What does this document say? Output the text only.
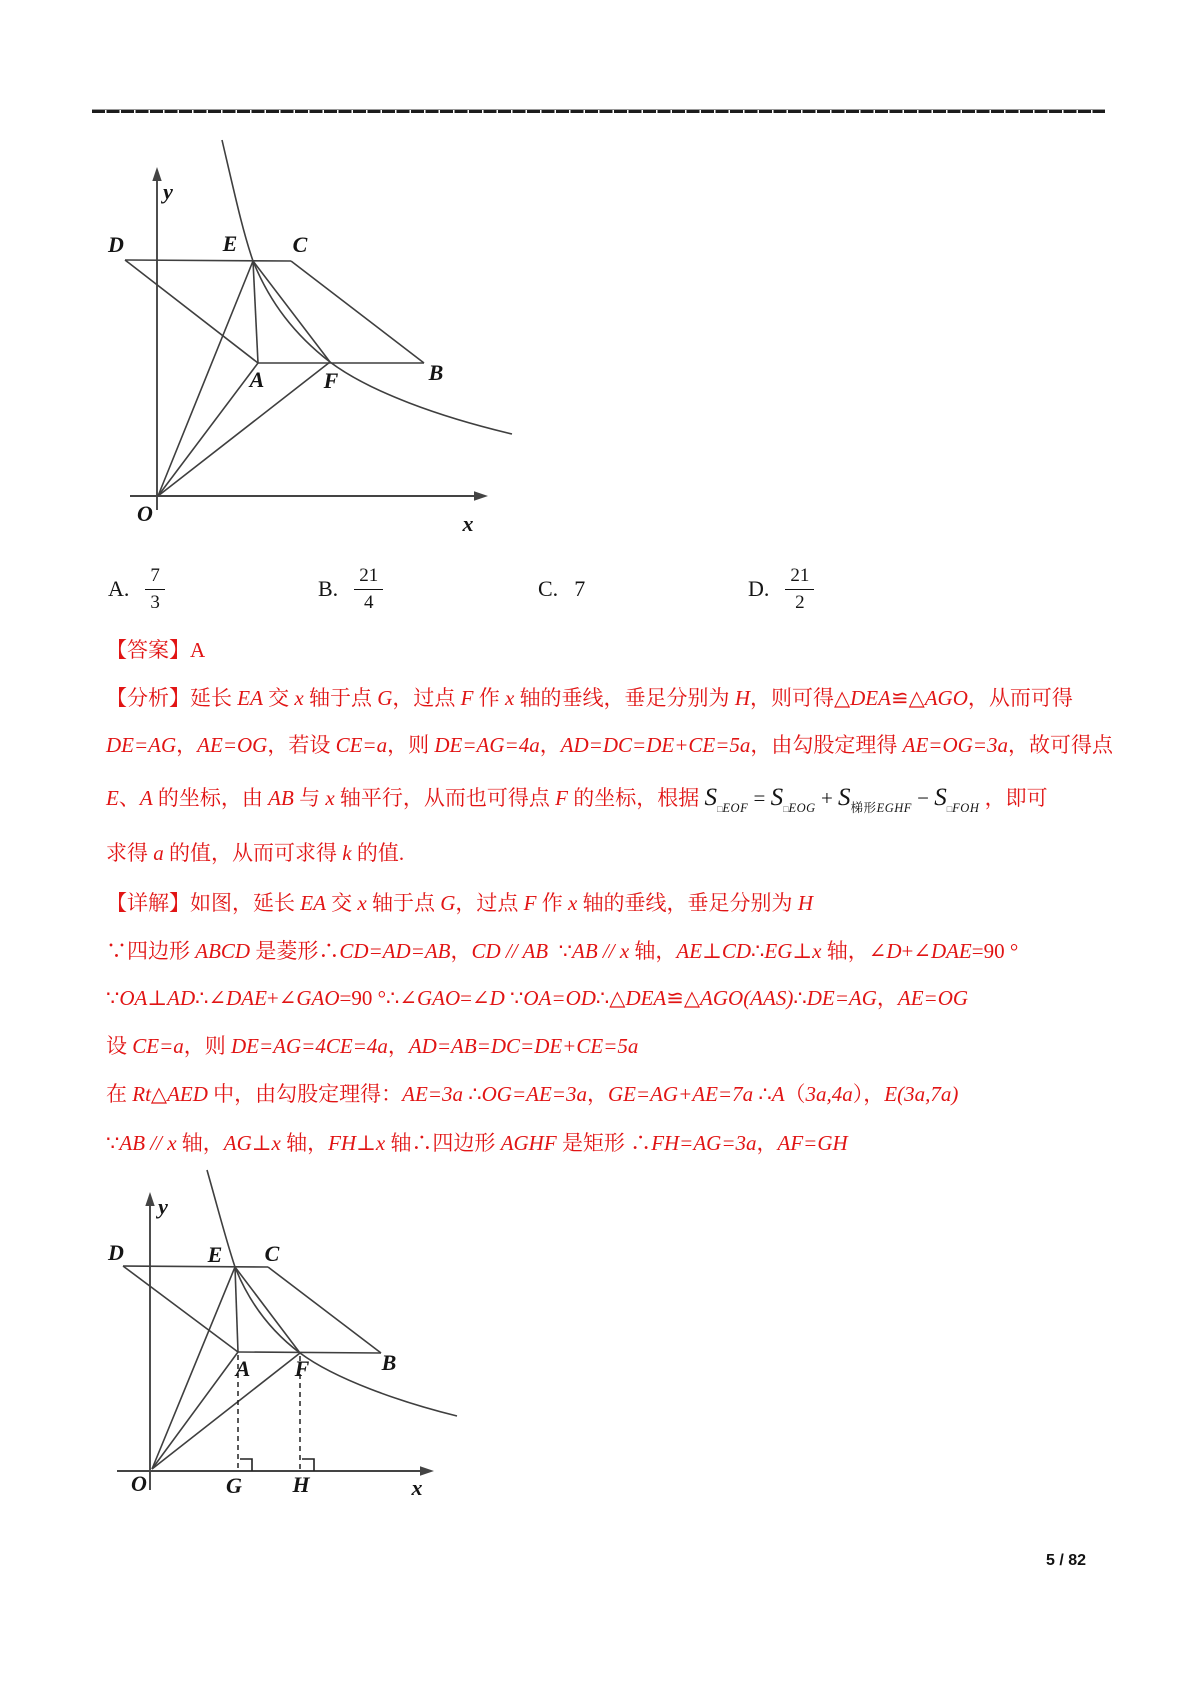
y
x
O
D	E	C
A	F	B
A. $\frac{7}{3}$	B. $\frac{21}{4}$	C. 7	D. $\frac{21}{2}$
【答案】A
【分析】延长 EA 交 x 轴于点 G，过点 F 作 x 轴的垂线，垂足分别为 H，则可得△DEA≌△AGO，从而可得
DE=AG，AE=OG，若设 CE=a，则 DE=AG=4a，AD=DC=DE+CE=5a，由勾股定理得 AE=OG=3a，故可得点
E、A 的坐标，由 AB 与 x 轴平行，从而也可得点 F 的坐标，根据 $S_{□EOF} = S_{□EOG} + S_{梯形EGHF} - S_{□FOH}$ ，即可
求得 a 的值，从而可求得 k 的值.
【详解】如图，延长 EA 交 x 轴于点 G，过点 F 作 x 轴的垂线，垂足分别为 H
∵四边形 ABCD 是菱形∴CD=AD=AB，CD // AB  ∵AB // x 轴，AE⊥CD∴EG⊥x 轴，∠D+∠DAE=90 °
∵OA⊥AD∴∠DAE+∠GAO=90 °∴∠GAO=∠D ∵OA=OD∴△DEA≌△AGO(AAS)∴DE=AG，AE=OG
设 CE=a，则 DE=AG=4CE=4a，AD=AB=DC=DE+CE=5a
在 Rt△AED 中，由勾股定理得：AE=3a ∴OG=AE=3a，GE=AG+AE=7a ∴A（3a,4a），E(3a,7a)
∵AB // x 轴，AG⊥x 轴，FH⊥x 轴∴四边形 AGHF 是矩形 ∴FH=AG=3a，AF=GH
y
x
O
D	E C
A F	B
G H
5 / 82
